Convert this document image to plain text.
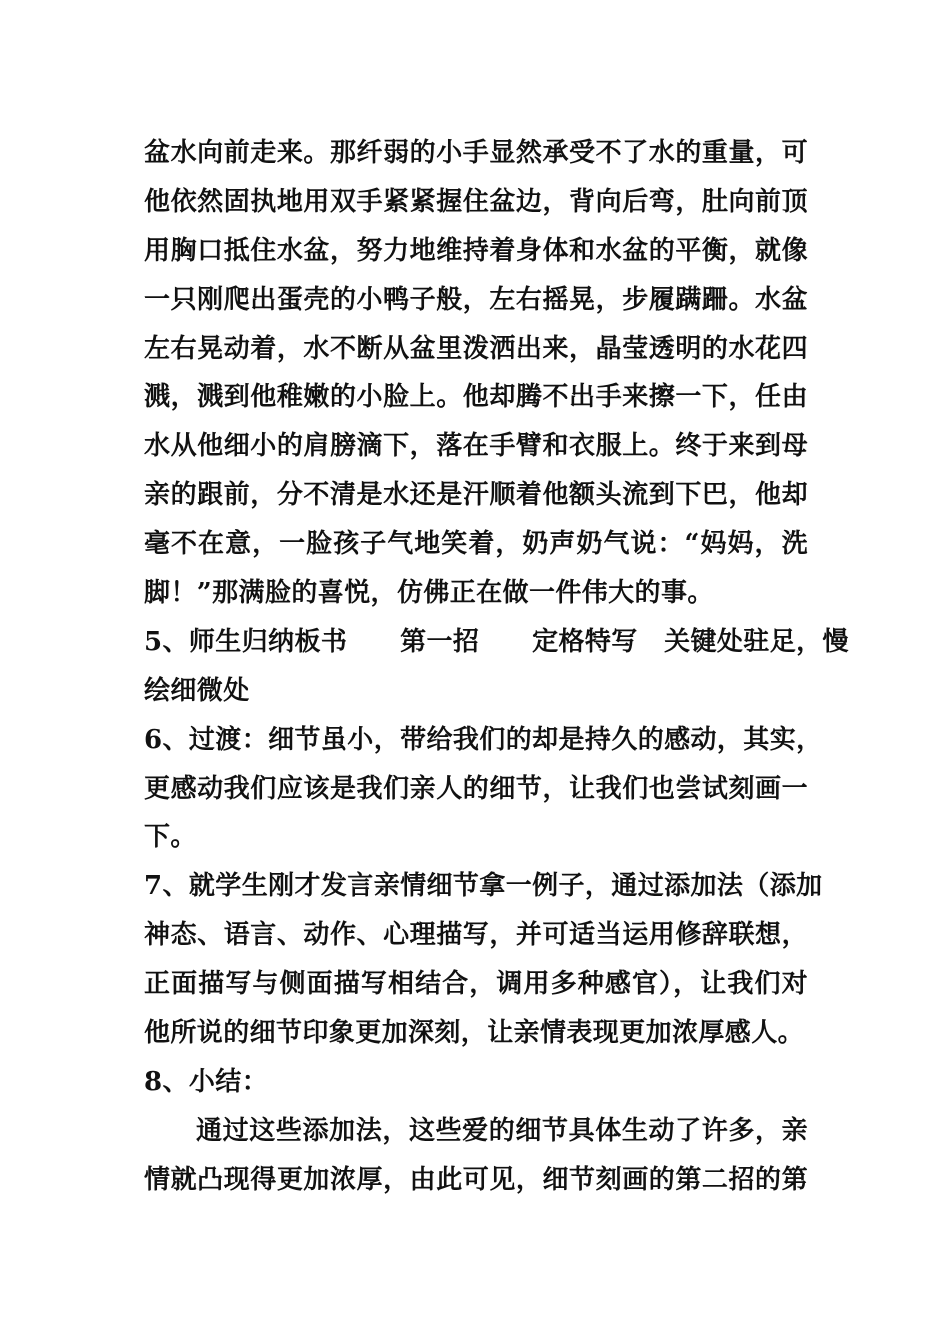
盆水向前走来。那纤弱的小手显然承受不了水的重量，可
他依然固执地用双手紧紧握住盆边，背向后弯，肚向前顶
用胸口抵住水盆，努力地维持着身体和水盆的平衡，就像
一只刚爬出蛋壳的小鸭子般，左右摇晃，步履蹒跚。水盆
左右晃动着，水不断从盆里泼洒出来，晶莹透明的水花四
溅，溅到他稚嫩的小脸上。他却腾不出手来擦一下，任由
水从他细小的肩膀滴下，落在手臂和衣服上。终于来到母
亲的跟前，分不清是水还是汗顺着他额头流到下巴，他却
毫不在意，一脸孩子气地笑着，奶声奶气说：“妈妈，洗
脚！”那满脸的喜悦，仿佛正在做一件伟大的事。
5、师生归纳板书　　第一招　　定格特写　关键处驻足，慢
绘细微处
6、过渡：细节虽小，带给我们的却是持久的感动，其实，
更感动我们应该是我们亲人的细节，让我们也尝试刻画一
下。
7、就学生刚才发言亲情细节拿一例子，通过添加法（添加
神态、语言、动作、心理描写，并可适当运用修辞联想，
正面描写与侧面描写相结合，调用多种感官），让我们对
他所说的细节印象更加深刻，让亲情表现更加浓厚感人。
8、小结：
通过这些添加法，这些爱的细节具体生动了许多，亲
情就凸现得更加浓厚，由此可见，细节刻画的第二招的第
